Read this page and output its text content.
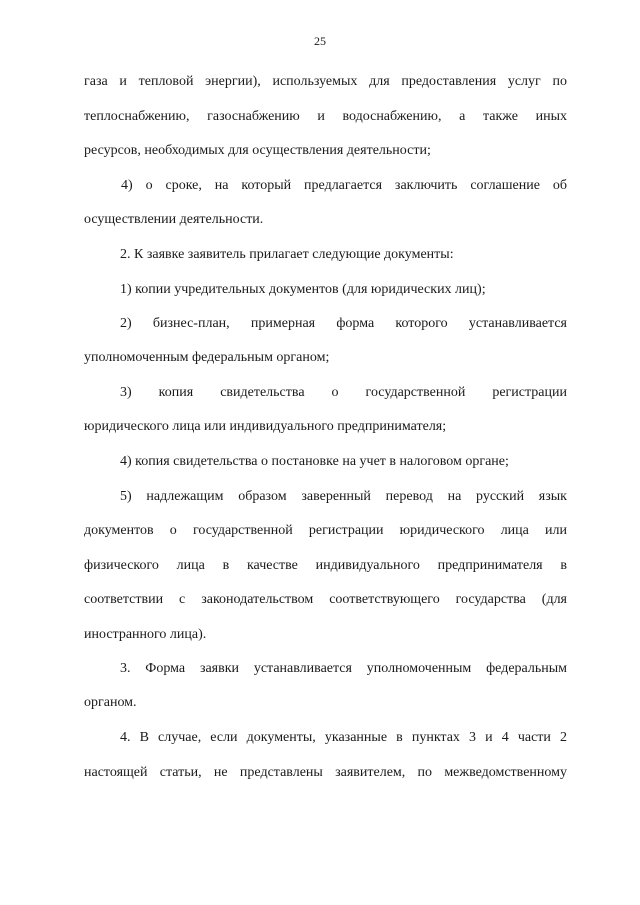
25
газа и тепловой энергии), используемых для предоставления услуг по
теплоснабжению, газоснабжению и водоснабжению, а также иных
ресурсов, необходимых для осуществления деятельности;
4) о сроке, на который предлагается заключить соглашение об
осуществлении деятельности.
2. К заявке заявитель прилагает следующие документы:
1) копии учредительных документов (для юридических лиц);
2) бизнес-план, примерная форма которого устанавливается
уполномоченным федеральным органом;
3) копия свидетельства о государственной регистрации
юридического лица или индивидуального предпринимателя;
4) копия свидетельства о постановке на учет в налоговом органе;
5) надлежащим образом заверенный перевод на русский язык
документов о государственной регистрации юридического лица или
физического лица в качестве индивидуального предпринимателя в
соответствии с законодательством соответствующего государства (для
иностранного лица).
3. Форма заявки устанавливается уполномоченным федеральным
органом.
4. В случае, если документы, указанные в пунктах 3 и 4 части 2
настоящей статьи, не представлены заявителем, по межведомственному
